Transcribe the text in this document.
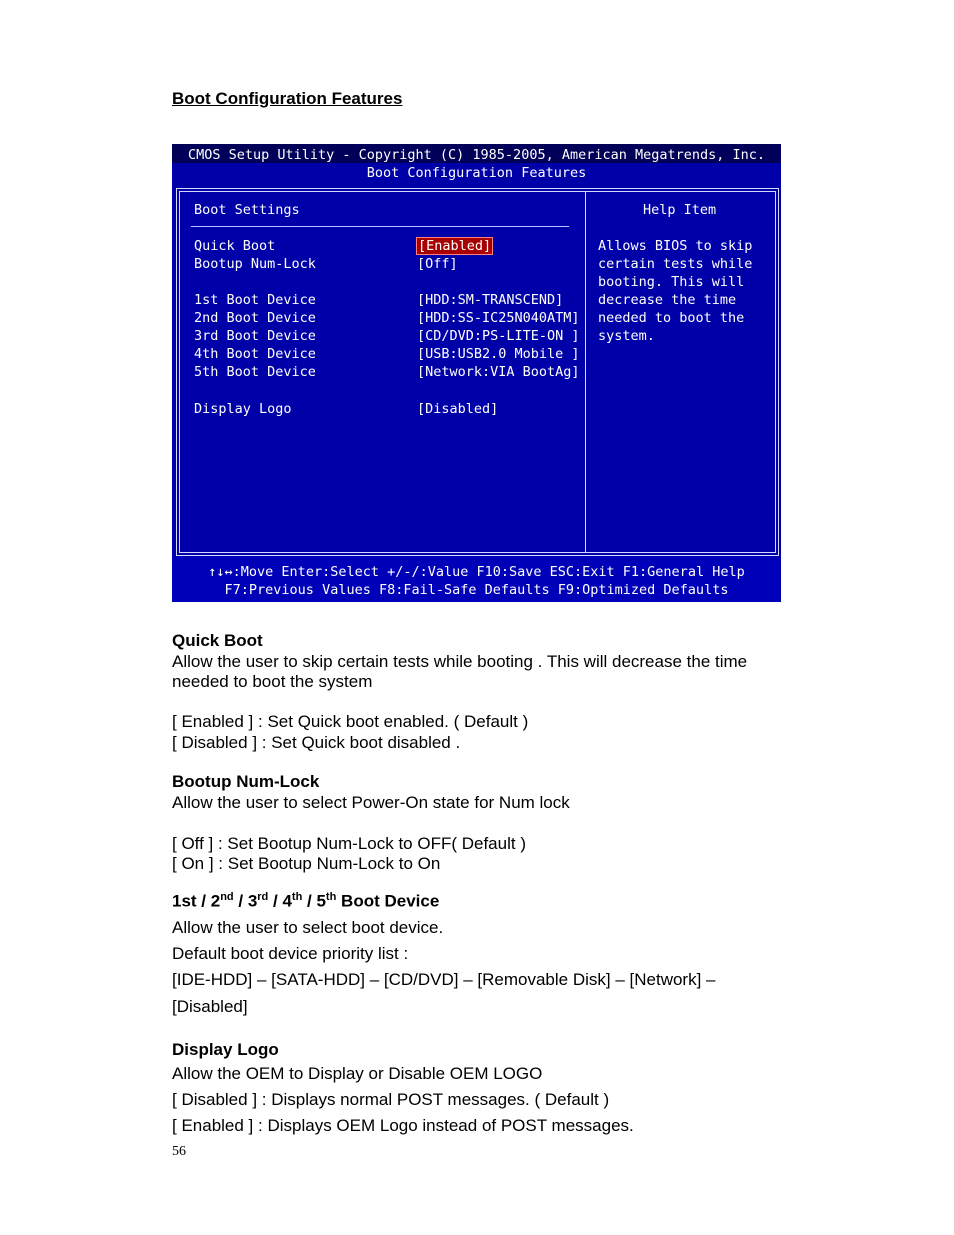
Boot Configuration Features
CMOS Setup Utility - Copyright (C) 1985-2005, American Megatrends, Inc.
Boot Configuration Features
Boot Settings	Help Item
Quick Boot	[Enabled]
Bootup Num-Lock	[Off]
1st Boot Device	[HDD:SM-TRANSCEND]
2nd Boot Device	[HDD:SS-IC25N040ATM]
3rd Boot Device	[CD/DVD:PS-LITE-ON ]
4th Boot Device	[USB:USB2.0 Mobile ]
5th Boot Device	[Network:VIA BootAg]
Display Logo	[Disabled]
Allows BIOS to skip
certain tests while
booting. This will
decrease the time
needed to boot the
system.
↑↓↔:Move Enter:Select +/-/:Value F10:Save ESC:Exit F1:General Help
F7:Previous Values F8:Fail-Safe Defaults F9:Optimized Defaults
Quick Boot
Allow the user to skip certain tests while booting . This will decrease the time
needed to boot the system
[ Enabled ] : Set Quick boot enabled. ( Default )
[ Disabled ] : Set Quick boot disabled .
Bootup Num-Lock
Allow the user to select Power-On state for Num lock
[ Off ] : Set Bootup Num-Lock to OFF( Default )
[ On ] : Set Bootup Num-Lock to On
1st / 2nd / 3rd / 4th / 5th Boot Device
Allow the user to select boot device.
Default boot device priority list :
[IDE-HDD] – [SATA-HDD] – [CD/DVD] – [Removable Disk] – [Network] –
[Disabled]
Display Logo
Allow the OEM to Display or Disable OEM LOGO
[ Disabled ] : Displays normal POST messages. ( Default )
[ Enabled ] : Displays OEM Logo instead of POST messages.
56
